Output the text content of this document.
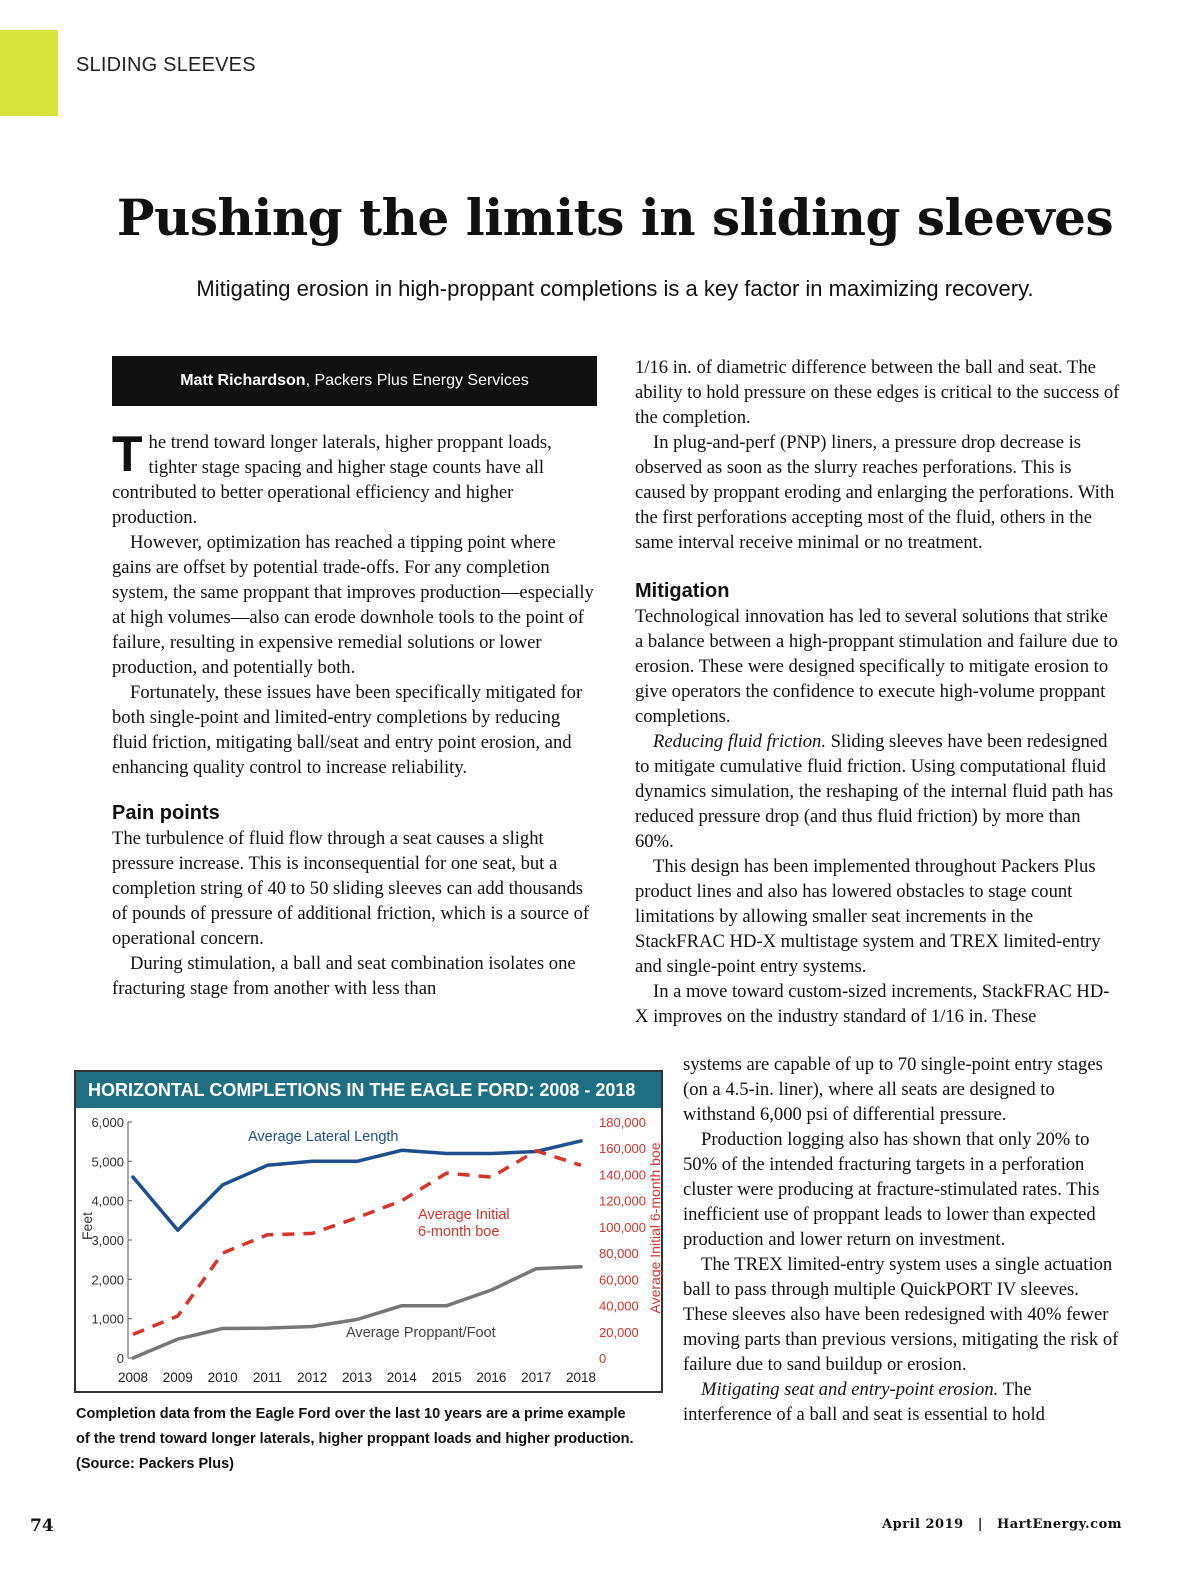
SLIDING SLEEVES
Pushing the limits in sliding sleeves

Mitigating erosion in high-proppant completions is a key factor in maximizing recovery.

Matt Richardson , Packers Plus Energy Services

The trend toward longer laterals, higher proppant loads, tighter stage spacing and higher stage counts have all contributed to better operational efficiency and higher production.

However, optimization has reached a tipping point where gains are offset by potential trade-offs. For any completion system, the same proppant that improves production—especially at high volumes—also can erode downhole tools to the point of failure, resulting in expensive remedial solutions or lower production, and potentially both.

Fortunately, these issues have been specifically mitigated for both single-point and limited-entry completions by reducing fluid friction, mitigating ball/seat and entry point erosion, and enhancing quality control to increase reliability.

Pain points

The turbulence of fluid flow through a seat causes a slight pressure increase. This is inconsequential for one seat, but a completion string of 40 to 50 sliding sleeves can add thousands of pounds of pressure of additional friction, which is a source of operational concern.

During stimulation, a ball and seat combination isolates one fracturing stage from another with less than

1/16 in. of diametric difference between the ball and seat. The ability to hold pressure on these edges is critical to the success of the completion.

In plug-and-perf (PNP) liners, a pressure drop decrease is observed as soon as the slurry reaches perforations. This is caused by proppant eroding and enlarging the perforations. With the first perforations accepting most of the fluid, others in the same interval receive minimal or no treatment.

Mitigation

Technological innovation has led to several solutions that strike a balance between a high-proppant stimulation and failure due to erosion. These were designed specifically to mitigate erosion to give operators the confidence to execute high-volume proppant completions.

Reducing fluid friction. Sliding sleeves have been redesigned to mitigate cumulative fluid friction. Using computational fluid dynamics simulation, the reshaping of the internal fluid path has reduced pressure drop (and thus fluid friction) by more than 60%.

This design has been implemented throughout Packers Plus product lines and also has lowered obstacles to stage count limitations by allowing smaller seat increments in the StackFRAC HD-X multistage system and TREX limited-entry and single-point entry systems.

In a move toward custom-sized increments, StackFRAC HD-X improves on the industry standard of 1/16 in. These

systems are capable of up to 70 single-point entry stages (on a 4.5-in. liner), where all seats are designed to withstand 6,000 psi of differential pressure.

Production logging also has shown that only 20% to 50% of the intended fracturing targets in a perforation cluster were producing at fracture-stimulated rates. This inefficient use of proppant leads to lower than expected production and lower return on investment.

The TREX limited-entry system uses a single actuation ball to pass through multiple QuickPORT IV sleeves. These sleeves also have been redesigned with 40% fewer moving parts than previous versions, mitigating the risk of failure due to sand buildup or erosion.

Mitigating seat and entry-point erosion. The interference of a ball and seat is essential to hold

HORIZONTAL COMPLETIONS IN THE EAGLE FORD: 2008 - 2018
0
1,000
2,000
3,000
4,000
5,000
6,000
0
20,000
40,000
60,000
80,000
100,000
120,000
140,000
160,000
180,000
2008 2009 2010 2011 2012 2013 2014 2015 2016 2017 2018
Feet	Average Initial 6-month boe
Average Lateral Length
Average Initial
6-month boe
Average Proppant/Foot
Completion data from the Eagle Ford over the last 10 years are a prime example of the trend toward longer laterals, higher proppant loads and higher production. (Source: Packers Plus)
74	April 2019 | HartEnergy.com
